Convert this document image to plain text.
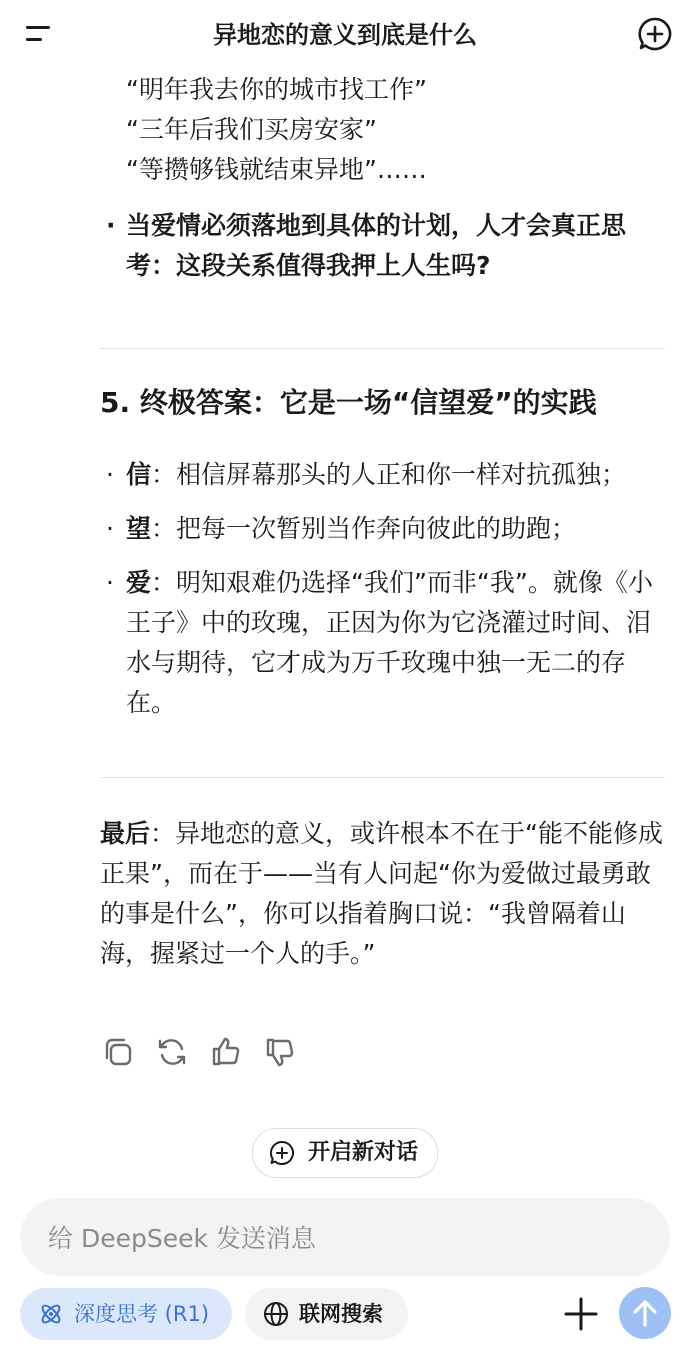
异地恋的意义到底是什么
“明年我去你的城市找工作”
“三年后我们买房安家”
“等攒够钱就结束异地”……
· 当爱情必须落地到具体的计划，人才会真正思考：这段关系值得我押上人生吗?
5. 终极答案：它是一场“信望爱”的实践
· 信：相信屏幕那头的人正和你一样对抗孤独；
· 望：把每一次暂别当作奔向彼此的助跑；
· 爱：明知艰难仍选择“我们”而非“我”。就像《小王子》中的玫瑰，正因为你为它浇灌过时间、泪水与期待，它才成为万千玫瑰中独一无二的存在。
最后：异地恋的意义，或许根本不在于“能不能修成正果”，而在于——当有人问起“你为爱做过最勇敢的事是什么”，你可以指着胸口说：“我曾隔着山海，握紧过一个人的手。”
开启新对话
给 DeepSeek 发送消息
深度思考 (R1)	联网搜索
